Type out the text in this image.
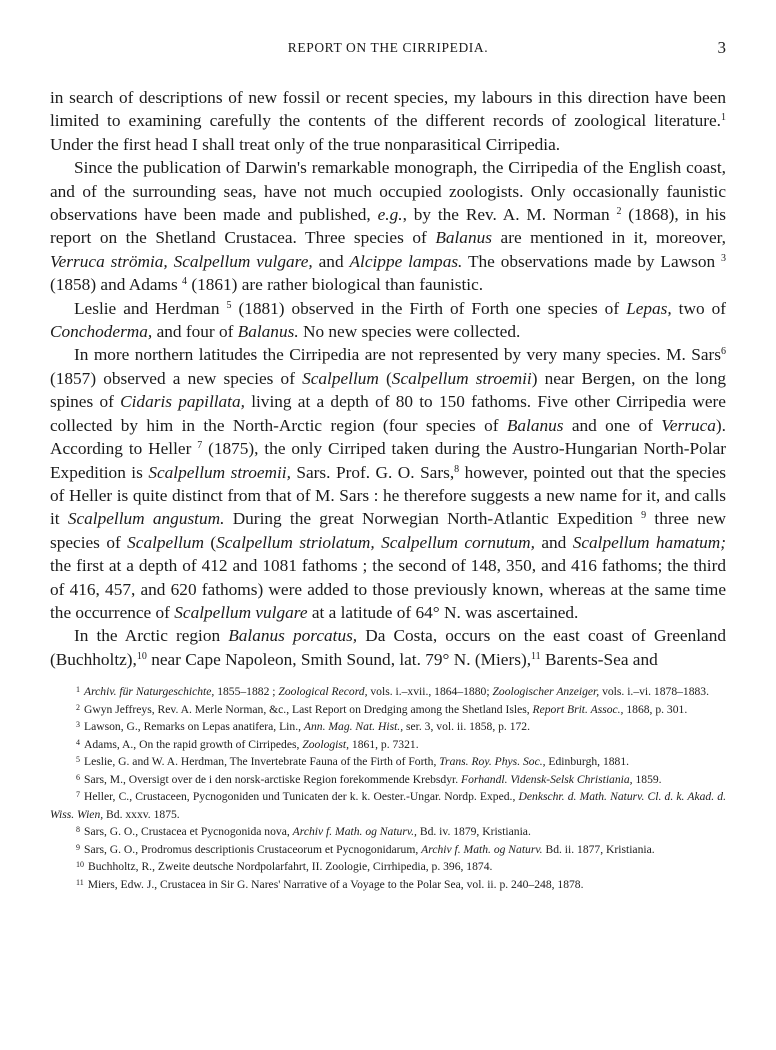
REPORT ON THE CIRRIPEDIA.	3

in search of descriptions of new fossil or recent species, my labours in this direction have been limited to examining carefully the contents of the different records of zoological literature.$^1$ Under the first head I shall treat only of the true nonparasitical Cirripedia.

Since the publication of Darwin's remarkable monograph, the Cirripedia of the English coast, and of the surrounding seas, have not much occupied zoologists. Only occasionally faunistic observations have been made and published, e.g., by the Rev. A. M. Norman $^2$ (1868), in his report on the Shetland Crustacea. Three species of Balanus are mentioned in it, moreover, Verruca strömia, Scalpellum vulgare, and Alcippe lampas. The observations made by Lawson $^3$ (1858) and Adams $^4$ (1861) are rather biological than faunistic.

Leslie and Herdman $^5$ (1881) observed in the Firth of Forth one species of Lepas, two of Conchoderma, and four of Balanus. No new species were collected.

In more northern latitudes the Cirripedia are not represented by very many species. M. Sars$^6$ (1857) observed a new species of Scalpellum (Scalpellum stroemii) near Bergen, on the long spines of Cidaris papillata, living at a depth of 80 to 150 fathoms. Five other Cirripedia were collected by him in the North-Arctic region (four species of Balanus and one of Verruca). According to Heller $^7$ (1875), the only Cirriped taken during the Austro-Hungarian North-Polar Expedition is Scalpellum stroemii, Sars. Prof. G. O. Sars,$^8$ however, pointed out that the species of Heller is quite distinct from that of M. Sars : he therefore suggests a new name for it, and calls it Scalpellum angustum. During the great Norwegian North-Atlantic Expedition $^9$ three new species of Scalpellum (Scalpellum striolatum, Scalpellum cornutum, and Scalpellum hamatum; the first at a depth of 412 and 1081 fathoms ; the second of 148, 350, and 416 fathoms; the third of 416, 457, and 620 fathoms) were added to those previously known, whereas at the same time the occurrence of Scalpellum vulgare at a latitude of 64° N. was ascertained.

In the Arctic region Balanus porcatus, Da Costa, occurs on the east coast of Greenland (Buchholtz),$^{10}$ near Cape Napoleon, Smith Sound, lat. 79° N. (Miers),$^{11}$ Barents-Sea and

$^1$ Archiv. für Naturgeschichte, 1855–1882 ; Zoological Record, vols. i.–xvii., 1864–1880; Zoologischer Anzeiger, vols. i.–vi. 1878–1883.

$^2$ Gwyn Jeffreys, Rev. A. Merle Norman, &c., Last Report on Dredging among the Shetland Isles, Report Brit. Assoc., 1868, p. 301.

$^3$ Lawson, G., Remarks on Lepas anatifera, Lin., Ann. Mag. Nat. Hist., ser. 3, vol. ii. 1858, p. 172.

$^4$ Adams, A., On the rapid growth of Cirripedes, Zoologist, 1861, p. 7321.

$^5$ Leslie, G. and W. A. Herdman, The Invertebrate Fauna of the Firth of Forth, Trans. Roy. Phys. Soc., Edinburgh, 1881.

$^6$ Sars, M., Oversigt over de i den norsk-arctiske Region forekommende Krebsdyr. Forhandl. Vidensk-Selsk Christiania, 1859.

$^7$ Heller, C., Crustaceen, Pycnogoniden und Tunicaten der k. k. Oester.-Ungar. Nordp. Exped., Denkschr. d. Math. Naturv. Cl. d. k. Akad. d. Wiss. Wien, Bd. xxxv. 1875.

$^8$ Sars, G. O., Crustacea et Pycnogonida nova, Archiv f. Math. og Naturv., Bd. iv. 1879, Kristiania.

$^9$ Sars, G. O., Prodromus descriptionis Crustaceorum et Pycnogonidarum, Archiv f. Math. og Naturv. Bd. ii. 1877, Kristiania.

$^{10}$ Buchholtz, R., Zweite deutsche Nordpolarfahrt, II. Zoologie, Cirrhipedia, p. 396, 1874.

$^{11}$ Miers, Edw. J., Crustacea in Sir G. Nares' Narrative of a Voyage to the Polar Sea, vol. ii. p. 240–248, 1878.
